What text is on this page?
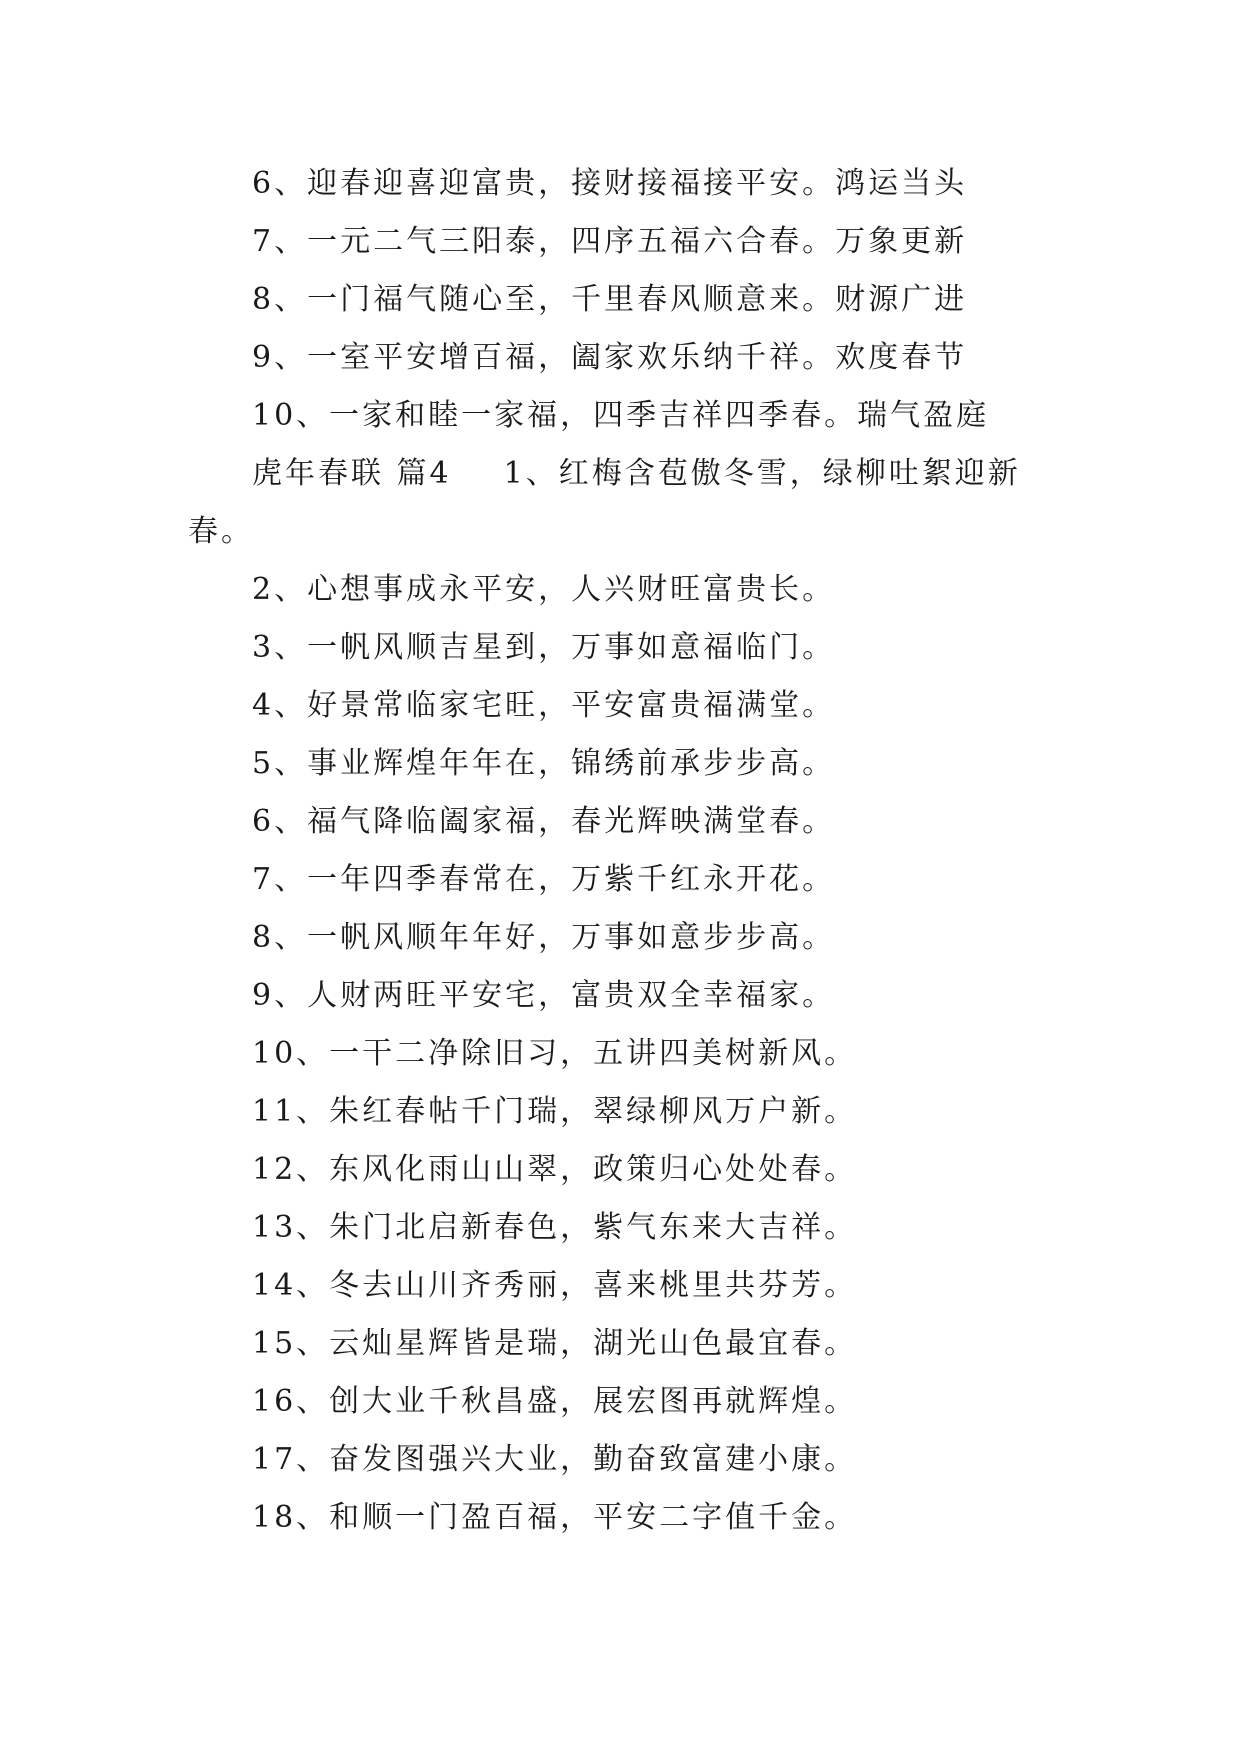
6、迎春迎喜迎富贵，接财接福接平安。鸿运当头
7、一元二气三阳泰，四序五福六合春。万象更新
8、一门福气随心至，千里春风顺意来。财源广进
9、一室平安增百福，阖家欢乐纳千祥。欢度春节
10、一家和睦一家福，四季吉祥四季春。瑞气盈庭
虎年春联 篇4 1、红梅含苞傲冬雪，绿柳吐絮迎新
春。
2、心想事成永平安，人兴财旺富贵长。
3、一帆风顺吉星到，万事如意福临门。
4、好景常临家宅旺，平安富贵福满堂。
5、事业辉煌年年在，锦绣前承步步高。
6、福气降临阖家福，春光辉映满堂春。
7、一年四季春常在，万紫千红永开花。
8、一帆风顺年年好，万事如意步步高。
9、人财两旺平安宅，富贵双全幸福家。
10、一干二净除旧习，五讲四美树新风。
11、朱红春帖千门瑞，翠绿柳风万户新。
12、东风化雨山山翠，政策归心处处春。
13、朱门北启新春色，紫气东来大吉祥。
14、冬去山川齐秀丽，喜来桃里共芬芳。
15、云灿星辉皆是瑞，湖光山色最宜春。
16、创大业千秋昌盛，展宏图再就辉煌。
17、奋发图强兴大业，勤奋致富建小康。
18、和顺一门盈百福，平安二字值千金。
